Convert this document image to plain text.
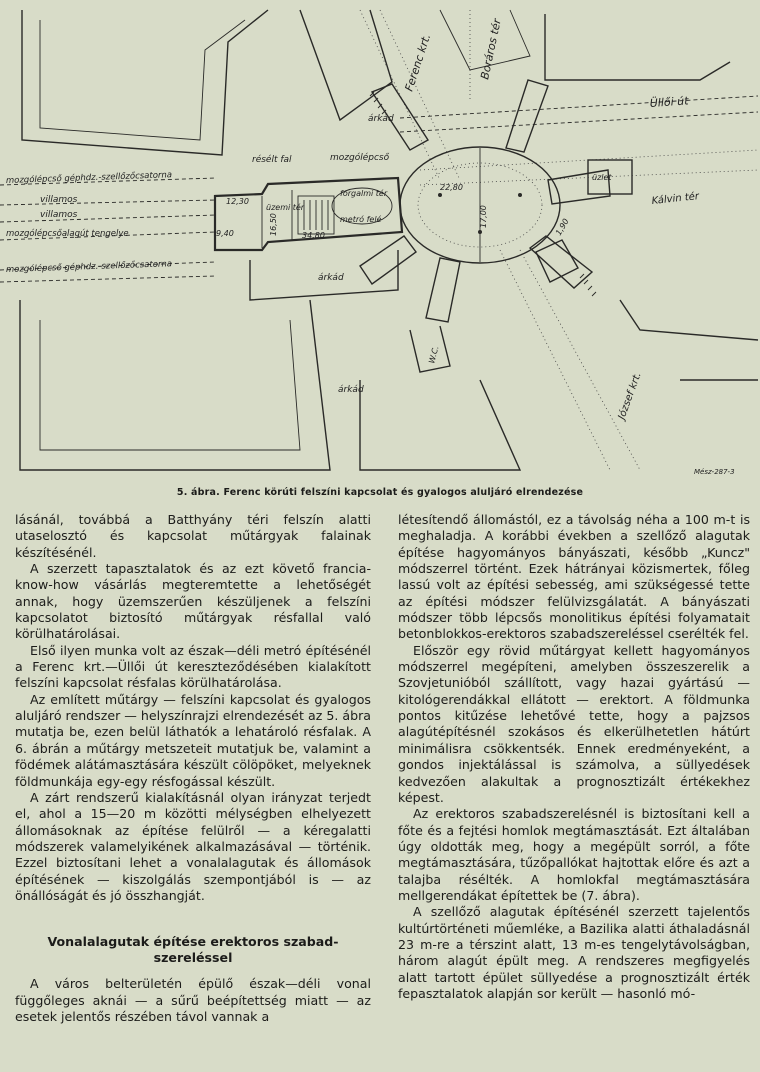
Ferenc krt.	Boráros tér
Üllői út
Kálvin tér
József krt.
árkád
árkád
árkád
résélt fal	mozgólépcső
mozgólépcső géphdz.-szellőzőcsatorna
villamos
villamos
mozgólépcsőalagút tengelye
mozgólépcső géphdz.-szellőzőcsatorna
üzemi tér
forgalmi tér
metró felé
üzlet
W.C.
12,30
9,40	16,50	34,80
22,80
17,00	1,90
Mész-287-3
5. ábra. Ferenc körúti felszíni kapcsolat és gyalogos aluljáró elrendezése

lásánál, továbbá a Batthyány téri felszín alatti utaselosztó és kapcsolat műtárgyak falainak készítésénél.

A szerzett tapasztalatok és az ezt követő francia-know-how vásárlás megteremtette a lehetőségét annak, hogy üzemszerűen készüljenek a felszíni kapcsolatot biztosító műtárgyak résfallal való körülhatárolásai.

Első ilyen munka volt az észak—déli metró építésénél a Ferenc krt.—Üllői út kereszteződésében kialakított felszíni kapcsolat résfalas körülhatárolása.

Az említett műtárgy — felszíni kapcsolat és gyalogos aluljáró rendszer — helyszínrajzi elrendezését az 5. ábra mutatja be, ezen belül láthatók a lehatároló résfalak. A 6. ábrán a műtárgy metszeteit mutatjuk be, valamint a födémek alátámasztására készült cölöpöket, melyeknek földmunkája egy-egy résfogással készült.

A zárt rendszerű kialakításnál olyan irányzat terjedt el, ahol a 15—20 m közötti mélységben elhelyezett állomásoknak az építése felülről — a kéregalatti módszerek valamelyikének alkalmazásával — történik. Ezzel biztosítani lehet a vonalalagutak és állomások építésének — kiszolgálás szempontjából is — az önállóságát és jó összhangját.

Vonalalagutak építése erektoros szabad-szereléssel

A város belterületén épülő észak—déli vonal függőleges aknái — a sűrű beépítettség miatt — az esetek jelentős részében távol vannak a

létesítendő állomástól, ez a távolság néha a 100 m-t is meghaladja. A korábbi években a szellőző alagutak építése hagyományos bányászati, később „Kuncz" módszerrel történt. Ezek hátrányai közismertek, főleg lassú volt az építési sebesség, ami szükségessé tette az építési módszer felülvizsgálatát. A bányászati módszer több lépcsős monolitikus építési folyamatait betonblokkos-erektoros szabadszereléssel cserélték fel.

Először egy rövid műtárgyat kellett hagyományos módszerrel megépíteni, amelyben összeszerelik a Szovjetunióból szállított, vagy hazai gyártású — kitológerendákkal ellátott — erektort. A földmunka pontos kitűzése lehetővé tette, hogy a pajzsos alagútépítésnél szokásos és elkerülhetetlen hátúrt minimálisra csökkentsék. Ennek eredményeként, a gondos injektálással is számolva, a süllyedések kedvezően alakultak a prognosztizált értékekhez képest.

Az erektoros szabadszerelésnél is biztosítani kell a főte és a fejtési homlok megtámasztását. Ezt általában úgy oldották meg, hogy a megépült sorról, a főte megtámasztására, tűzőpallókat hajtottak előre és azt a talajba résélték. A homlokfal megtámasztására mellgerendákat építettek be (7. ábra).

A szellőző alagutak építésénél szerzett tajelentős kultúrtörténeti műemléke, a Bazilika alatti áthaladásnál 23 m-re a térszint alatt, 13 m-es tengelytávolságban, három alagút épült meg. A rendszeres megfigyelés alatt tartott épület süllyedése a prognosztizált érték fepasztalatok alapján sor került — hasonló mó-
